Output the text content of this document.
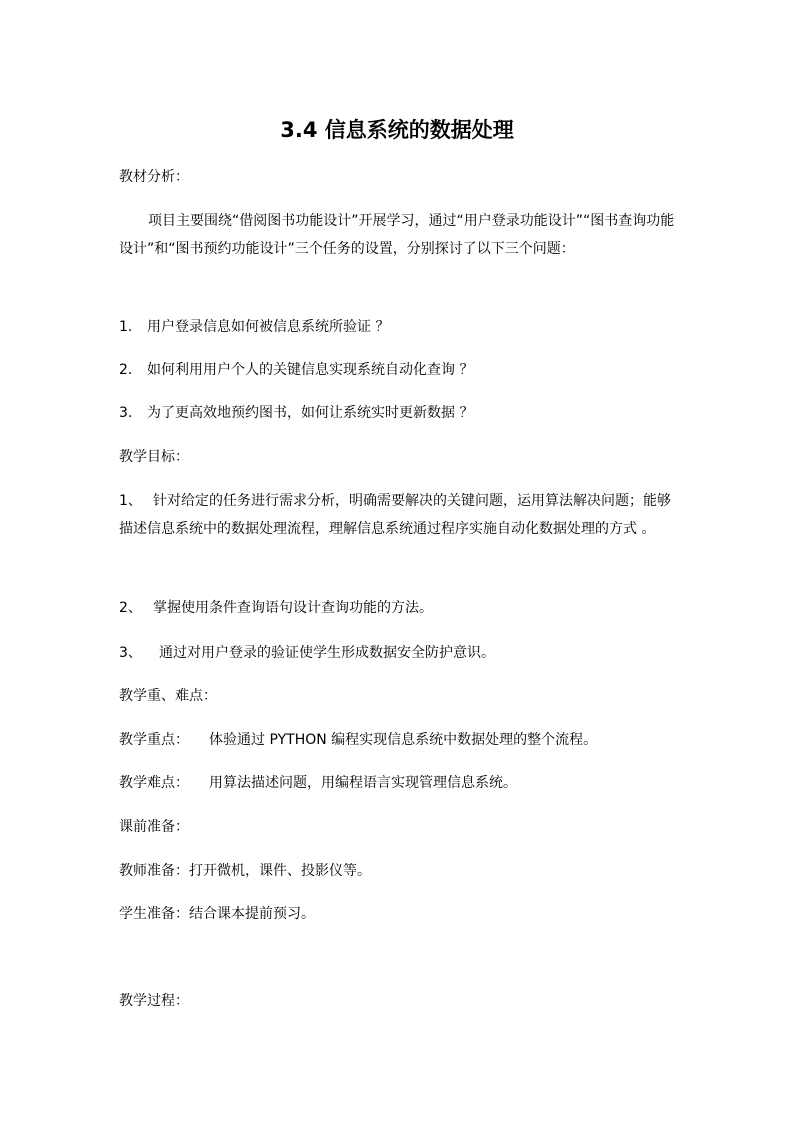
3.4 信息系统的数据处理
教材分析：
项目主要围绕“借阅图书功能设计”开展学习，通过“用户登录功能设计”“图书查询功能设计”和“图书预约功能设计”三个任务的设置，分别探讨了以下三个问题：
1. 用户登录信息如何被信息系统所验证 ？
2. 如何利用用户个人的关键信息实现系统自动化查询 ？
3. 为了更高效地预约图书，如何让系统实时更新数据 ？
教学目标：
1、 针对给定的任务进行需求分析，明确需要解决的关键问题，运用算法解决问题；能够描述信息系统中的数据处理流程，理解信息系统通过程序实施自动化数据处理的方式 。
2、 掌握使用条件查询语句设计查询功能的方法。
3、 通过对用户登录的验证使学生形成数据安全防护意识。
教学重、难点：
教学重点： 体验通过 PYTHON 编程实现信息系统中数据处理的整个流程。
教学难点： 用算法描述问题，用编程语言实现管理信息系统。
课前准备：
教师准备：打开微机，课件、投影仪等。
学生准备：结合课本提前预习。
教学过程：
